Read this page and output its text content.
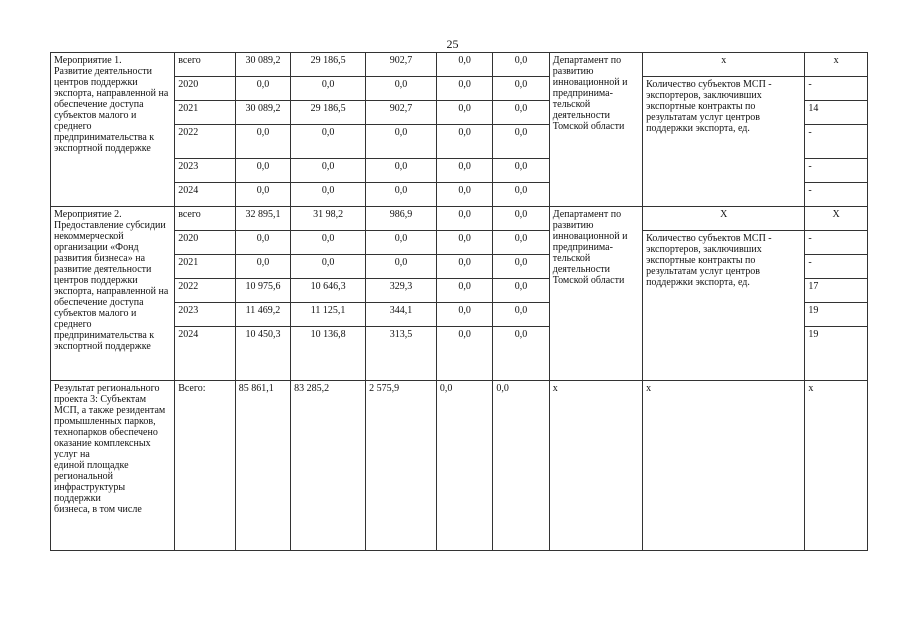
25
Мероприятие 1.
Развитие деятельности центров поддержки экспорта, направленной на обеспечение доступа субъектов малого и среднего предпринимательства к экспортной поддержке	всего	30 089,2	29 186,5	902,7	0,0	0,0	Департамент по развитию инновационной и предпринима-тельской деятельности Томской области	x	x
	2020	0,0	0,0	0,0	0,0	0,0		Количество субъектов МСП - экспортеров, заключивших экспортные контракты по результатам услуг центров поддержки экспорта, ед.	-
	2021	30 089,2	29 186,5	902,7	0,0	0,0			14
	2022	0,0	0,0	0,0	0,0	0,0			-
	2023	0,0	0,0	0,0	0,0	0,0			-
	2024	0,0	0,0	0,0	0,0	0,0			-

Мероприятие 2.
Предоставление субсидии некоммерческой организации «Фонд развития бизнеса» на развитие деятельности центров поддержки экспорта, направленной на обеспечение доступа субъектов малого и среднего предпринимательства к экспортной поддержке	всего	32 895,1	31 98,2	986,9	0,0	0,0	Департамент по развитию инновационной и предпринима-тельской деятельности Томской области	Х	Х
	2020	0,0	0,0	0,0	0,0	0,0		Количество субъектов МСП - экспортеров, заключивших экспортные контракты по результатам услуг центров поддержки экспорта, ед.	-
	2021	0,0	0,0	0,0	0,0	0,0			-
	2022	10 975,6	10 646,3	329,3	0,0	0,0			17
	2023	11 469,2	11 125,1	344,1	0,0	0,0			19
	2024	10 450,3	10 136,8	313,5	0,0	0,0			19

Результат регионального проекта 3: Субъектам МСП, а также резидентам промышленных парков, технопарков обеспечено оказание комплексных услуг на
единой площадке региональной инфраструктуры поддержки
бизнеса, в том числе	Всего:	85 861,1	83 285,2	2 575,9	0,0	0,0	х	х	х
